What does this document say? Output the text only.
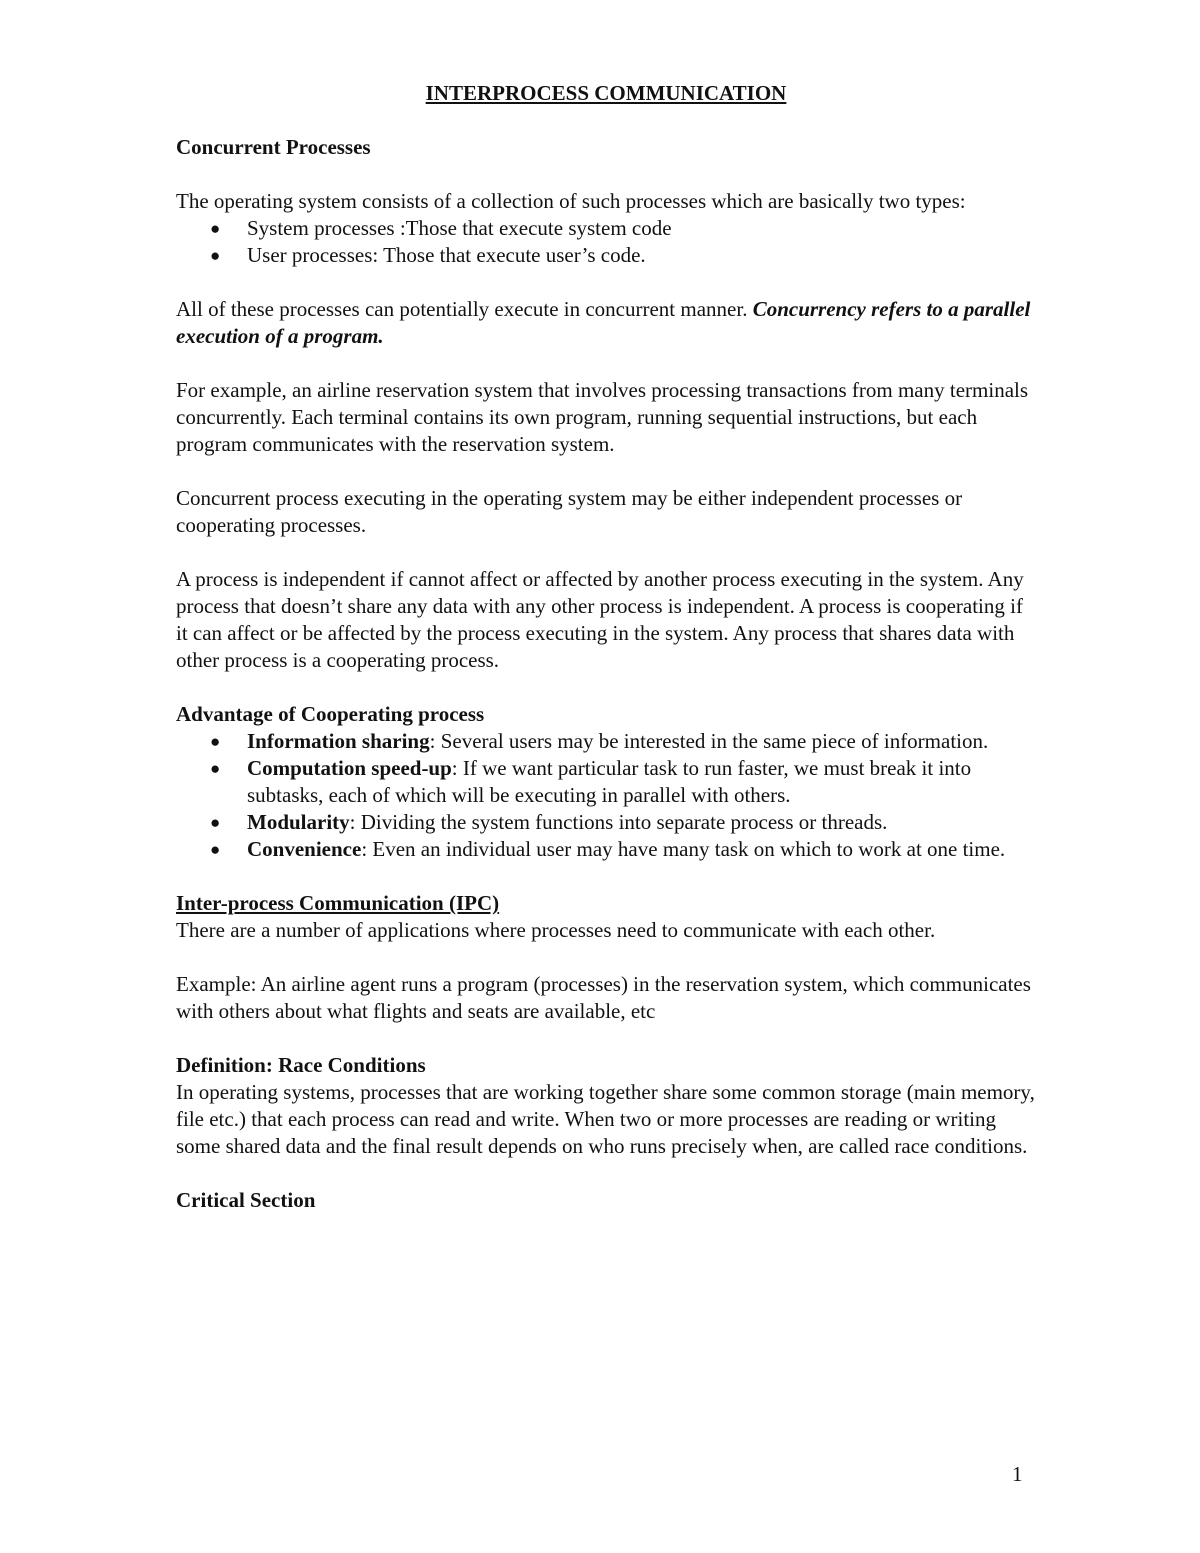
INTERPROCESS COMMUNICATION

Concurrent Processes

The operating system consists of a collection of such processes which are basically two types:

● System processes :Those that execute system code
● User processes: Those that execute user’s code.

All of these processes can potentially execute in concurrent manner. Concurrency refers to a parallel execution of a program.

For example, an airline reservation system that involves processing transactions from many terminals concurrently. Each terminal contains its own program, running sequential instructions, but each program communicates with the reservation system.

Concurrent process executing in the operating system may be either independent processes or cooperating processes.

A process is independent if cannot affect or affected by another process executing in the system. Any process that doesn’t share any data with any other process is independent. A process is cooperating if it can affect or be affected by the process executing in the system. Any process that shares data with other process is a cooperating process.

Advantage of Cooperating process

● Information sharing: Several users may be interested in the same piece of information.
● Computation speed-up: If we want particular task to run faster, we must break it into subtasks, each of which will be executing in parallel with others.
● Modularity: Dividing the system functions into separate process or threads.
● Convenience: Even an individual user may have many task on which to work at one time.

Inter-process Communication (IPC)

There are a number of applications where processes need to communicate with each other.

Example: An airline agent runs a program (processes) in the reservation system, which communicates with others about what flights and seats are available, etc

Definition: Race Conditions

In operating systems, processes that are working together share some common storage (main memory, file etc.) that each process can read and write. When two or more processes are reading or writing some shared data and the final result depends on who runs precisely when, are called race conditions.

Critical Section

1
